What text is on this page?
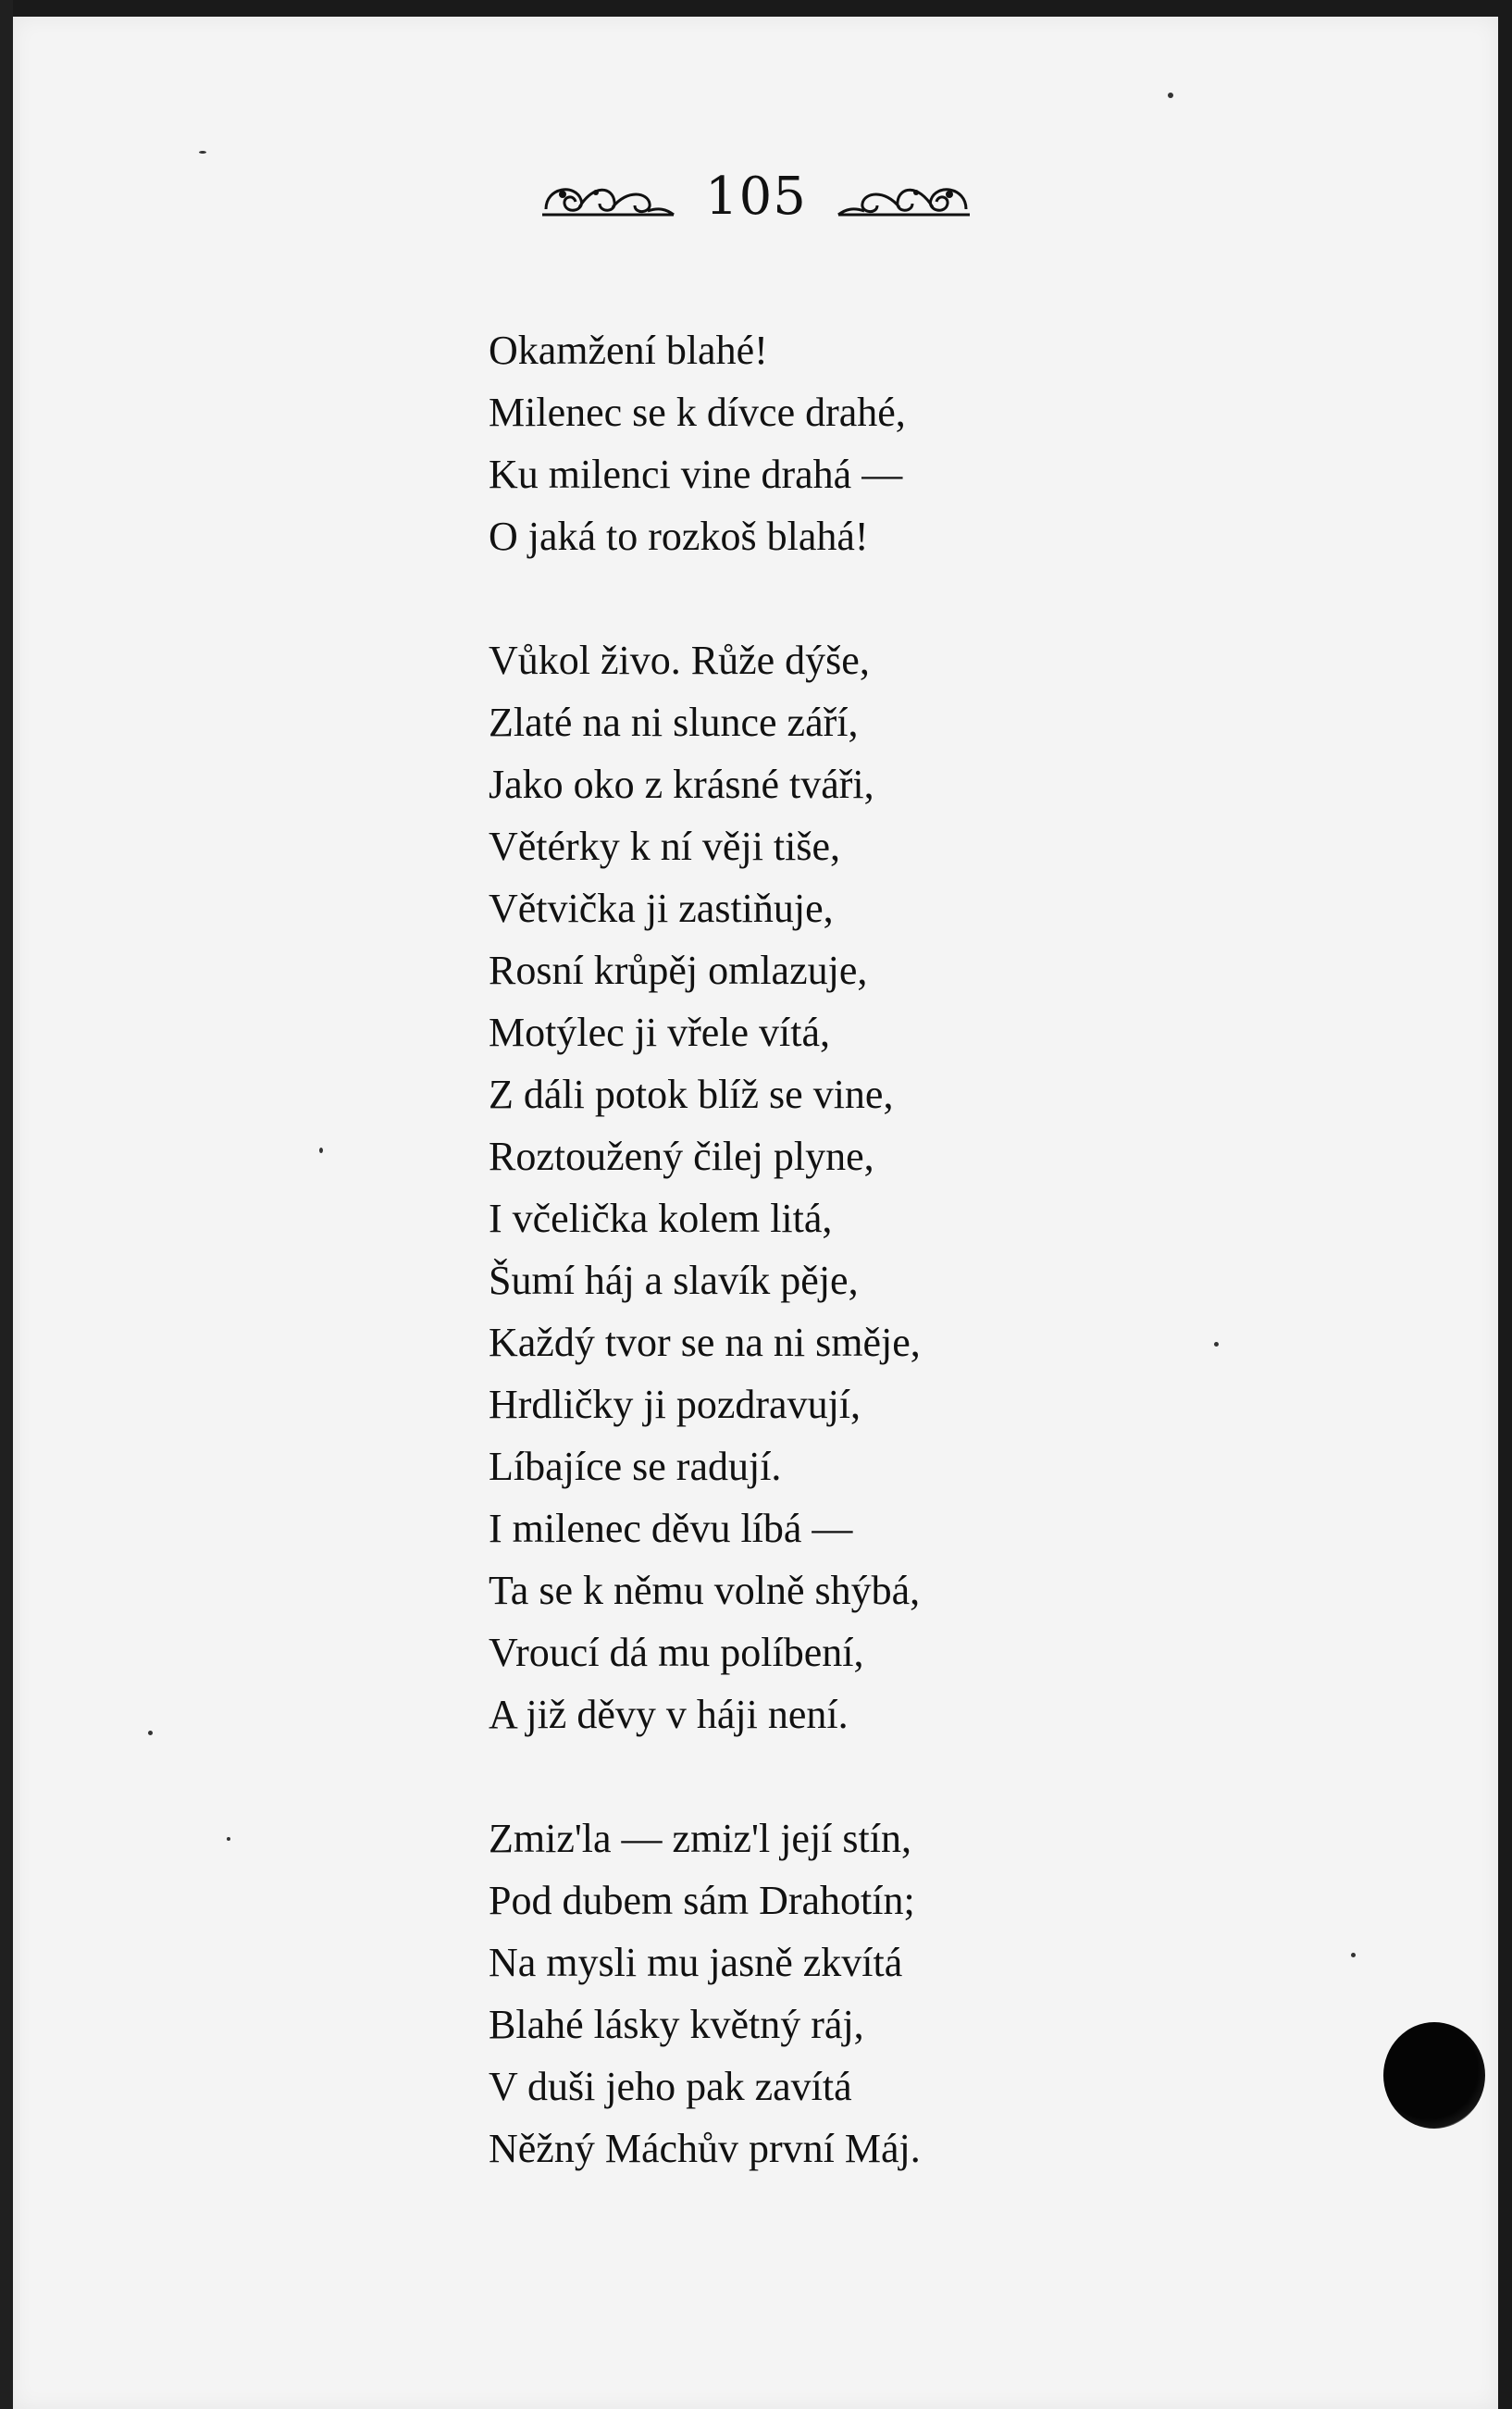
105
Okamžení blahé!
Milenec se k dívce drahé,
Ku milenci vine drahá —
O jaká to rozkoš blahá!
Vůkol živo. Růže dýše,
Zlaté na ni slunce září,
Jako oko z krásné tváři,
Větérky k ní věji tiše,
Větvička ji zastiňuje,
Rosní krůpěj omlazuje,
Motýlec ji vřele vítá,
Z dáli potok blíž se vine,
Roztoužený čilej plyne,
I včelička kolem litá,
Šumí háj a slavík pěje,
Každý tvor se na ni směje,
Hrdličky ji pozdravují,
Líbajíce se radují.
I milenec děvu líbá —
Ta se k němu volně shýbá,
Vroucí dá mu políbení,
A již děvy v háji není.
Zmiz'la — zmiz'l její stín,
Pod dubem sám Drahotín;
Na mysli mu jasně zkvítá
Blahé lásky květný ráj,
V duši jeho pak zavítá
Něžný Máchův první Máj.
